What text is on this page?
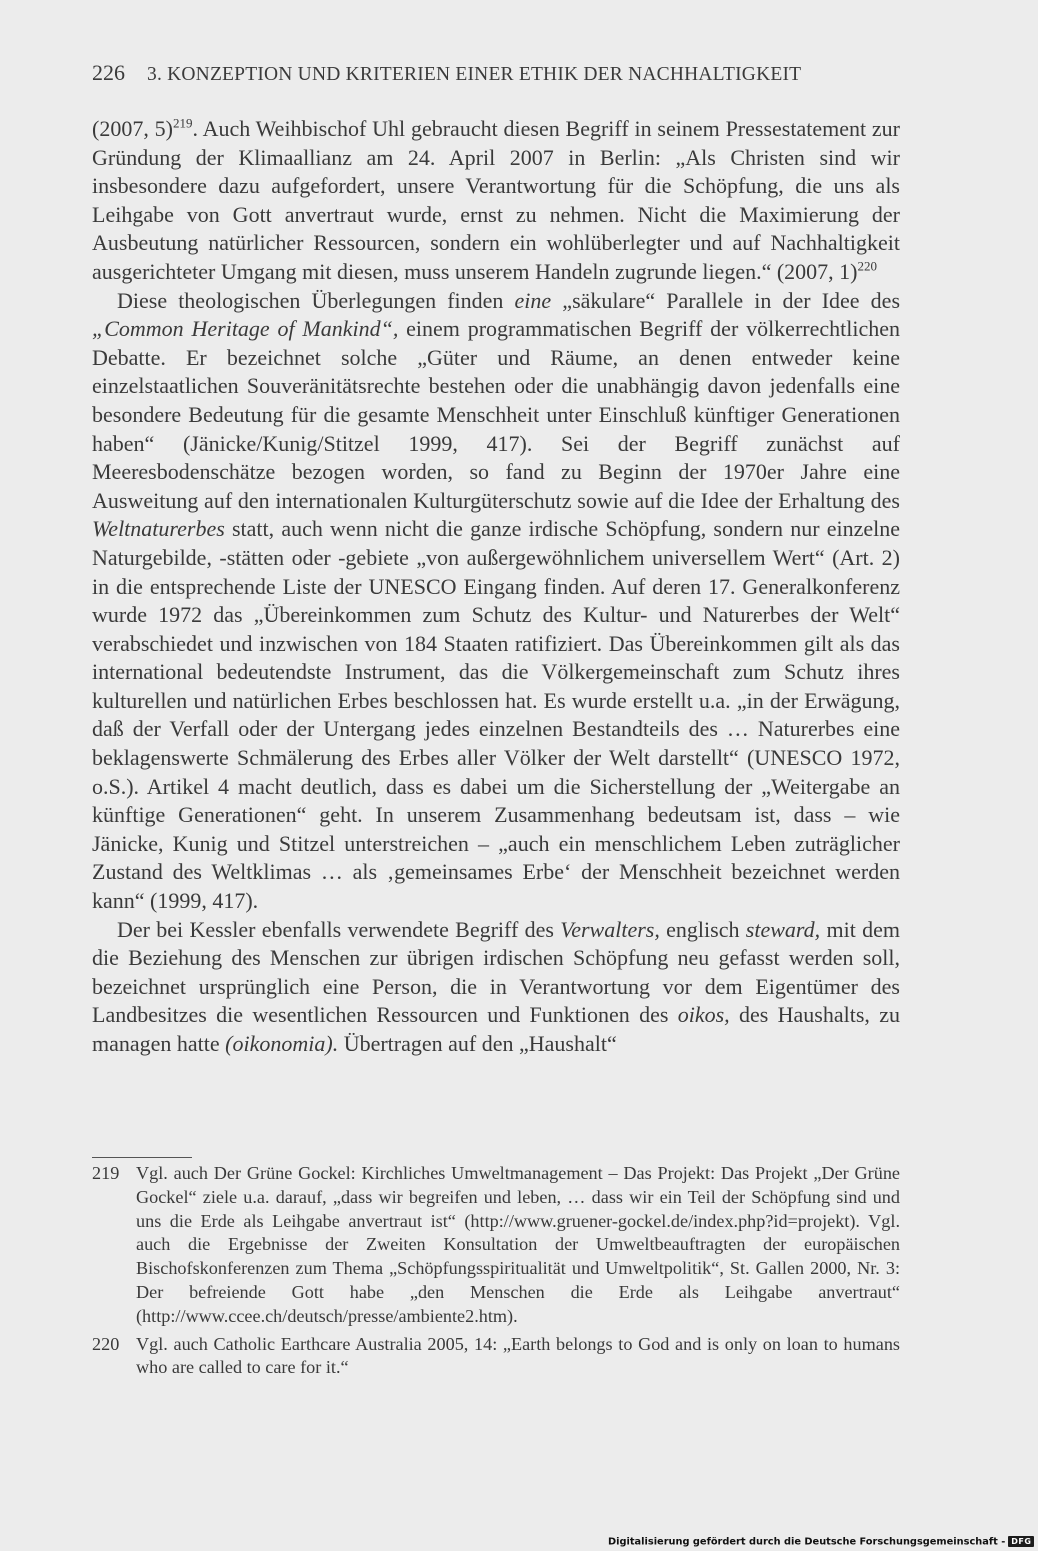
226 3. KONZEPTION UND KRITERIEN EINER ETHIK DER NACHHALTIGKEIT

(2007, 5)$^{219}$. Auch Weihbischof Uhl gebraucht diesen Begriff in seinem Pressestatement zur Gründung der Klimaallianz am 24. April 2007 in Berlin: „Als Christen sind wir insbesondere dazu aufgefordert, unsere Verantwortung für die Schöpfung, die uns als Leihgabe von Gott anvertraut wurde, ernst zu nehmen. Nicht die Maximierung der Ausbeutung natürlicher Ressourcen, sondern ein wohlüberlegter und auf Nachhaltigkeit ausgerichteter Umgang mit diesen, muss unserem Handeln zugrunde liegen.“ (2007, 1)$^{220}$

Diese theologischen Überlegungen finden eine „säkulare“ Parallele in der Idee des „Common Heritage of Mankind“, einem programmatischen Begriff der völkerrechtlichen Debatte. Er bezeichnet solche „Güter und Räume, an denen entweder keine einzelstaatlichen Souveränitätsrechte bestehen oder die unabhängig davon jedenfalls eine besondere Bedeutung für die gesamte Menschheit unter Einschluß künftiger Generationen haben“ (Jänicke/Kunig/Stitzel 1999, 417). Sei der Begriff zunächst auf Meeresbodenschätze bezogen worden, so fand zu Beginn der 1970er Jahre eine Ausweitung auf den internationalen Kulturgüterschutz sowie auf die Idee der Erhaltung des Weltnaturerbes statt, auch wenn nicht die ganze irdische Schöpfung, sondern nur einzelne Naturgebilde, -stätten oder -gebiete „von außergewöhnlichem universellem Wert“ (Art. 2) in die entsprechende Liste der UNESCO Eingang finden. Auf deren 17. Generalkonferenz wurde 1972 das „Übereinkommen zum Schutz des Kultur- und Naturerbes der Welt“ verabschiedet und inzwischen von 184 Staaten ratifiziert. Das Übereinkommen gilt als das international bedeutendste Instrument, das die Völkergemeinschaft zum Schutz ihres kulturellen und natürlichen Erbes beschlossen hat. Es wurde erstellt u.a. „in der Erwägung, daß der Verfall oder der Untergang jedes einzelnen Bestandteils des … Naturerbes eine beklagenswerte Schmälerung des Erbes aller Völker der Welt darstellt“ (UNESCO 1972, o.S.). Artikel 4 macht deutlich, dass es dabei um die Sicherstellung der „Weitergabe an künftige Generationen“ geht. In unserem Zusammenhang bedeutsam ist, dass – wie Jänicke, Kunig und Stitzel unterstreichen – „auch ein menschlichem Leben zuträglicher Zustand des Weltklimas … als ‚gemeinsames Erbe‘ der Menschheit bezeichnet werden kann“ (1999, 417).

Der bei Kessler ebenfalls verwendete Begriff des Verwalters, englisch steward, mit dem die Beziehung des Menschen zur übrigen irdischen Schöpfung neu gefasst werden soll, bezeichnet ursprünglich eine Person, die in Verantwortung vor dem Eigentümer des Landbesitzes die wesentlichen Ressourcen und Funktionen des oikos, des Haushalts, zu managen hatte (oikonomia). Übertragen auf den „Haushalt“

219 Vgl. auch Der Grüne Gockel: Kirchliches Umweltmanagement – Das Projekt: Das Projekt „Der Grüne Gockel“ ziele u.a. darauf, „dass wir begreifen und leben, … dass wir ein Teil der Schöpfung sind und uns die Erde als Leihgabe anvertraut ist“ (http://www.gruener-gockel.de/index.php?id=projekt). Vgl. auch die Ergebnisse der Zweiten Konsultation der Umweltbeauftragten der europäischen Bischofskonferenzen zum Thema „Schöpfungsspiritualität und Umweltpolitik“, St. Gallen 2000, Nr. 3: Der befreiende Gott habe „den Menschen die Erde als Leihgabe anvertraut“ (http://www.ccee.ch/deutsch/presse/ambiente2.htm).
220 Vgl. auch Catholic Earthcare Australia 2005, 14: „Earth belongs to God and is only on loan to humans who are called to care for it.“
Digitalisierung gefördert durch die Deutsche Forschungsgemeinschaft - DFG
